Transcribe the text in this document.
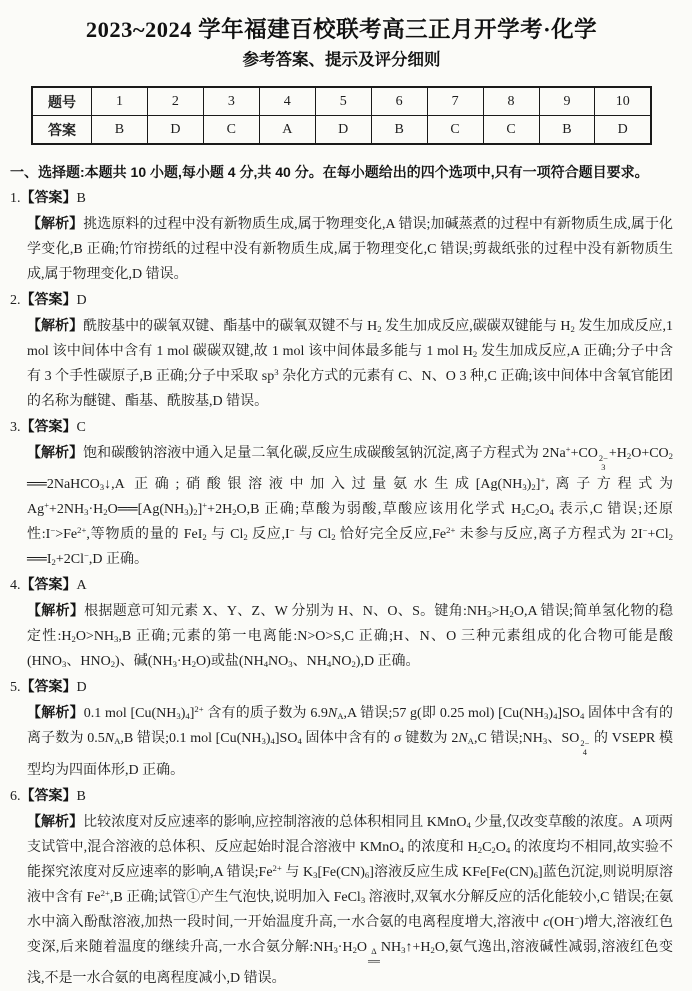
2023~2024 学年福建百校联考高三正月开学考·化学
参考答案、提示及评分细则
题号	1	2	3	4	5	6	7	8	9	10
答案	B	D	C	A	D	B	C	C	B	D
一、选择题:本题共 10 小题,每小题 4 分,共 40 分。在每小题给出的四个选项中,只有一项符合题目要求。
1.【答案】B
【解析】挑选原料的过程中没有新物质生成,属于物理变化,A 错误;加碱蒸煮的过程中有新物质生成,属于化学变化,B 正确;竹帘捞纸的过程中没有新物质生成,属于物理变化,C 错误;剪裁纸张的过程中没有新物质生成,属于物理变化,D 错误。
2.【答案】D
【解析】酰胺基中的碳氧双键、酯基中的碳氧双键不与 $H_2$ 发生加成反应,碳碳双键能与 $H_2$ 发生加成反应,1 mol 该中间体中含有 1 mol 碳碳双键,故 1 mol 该中间体最多能与 1 mol $H_2$ 发生加成反应,A 正确;分子中含有 3 个手性碳原子,B 正确;分子中采取 $sp^3$ 杂化方式的元素有 C、N、O 3 种,C 正确;该中间体中含氧官能团的名称为醚键、酯基、酰胺基,D 错误。
3.【答案】C
【解析】饱和碳酸钠溶液中通入足量二氧化碳,反应生成碳酸氢钠沉淀,离子方程式为 2Na++CO 2−
3
$+H_2O+CO_2$ ══2NaHCO$_3$↓,A 正确;硝酸银溶液中加入过量氨水生成$[Ag(NH_3)_2]^+$,离子方程式为 $Ag^++2NH_3\cdot H_2O══[Ag(NH_3)_2]^++2H_2O,B$ 正确;草酸为弱酸,草酸应该用化学式 $H_2C_2O_4$ 表示,C 错误;还原性$:I^->Fe^{2+}$,等物质的量的 FeI$_2$ 与 $Cl_2$ 反应,I− 与 $Cl_2$ 恰好完全反应$,Fe^{2+}$ 未参与反应,离子方程式为 $2I^-+Cl_2$ $══I_2+2Cl^-,D$ 正确。
4.【答案】A
【解析】根据题意可知元素 X、Y、Z、W 分别为 H、N、O、S。键角$:NH_3>H_2O,A$ 错误;简单氢化物的稳定性$:H_2O>NH_3,B$ 正确;元素的第一电离能:N>O>S,C 正确;H、N、O 三种元素组成的化合物可能是酸($HNO_3$、$HNO_2$)、碱$(NH_3\cdot H_2O)$或盐($NH_4NO_3$、$NH_4NO_2),D$ 正确。
5.【答案】D
【解析】0.1 mol $[Cu(NH_3)_4]^{2+}$ 含有的质子数为 $6.9N_A,A$ 错误;57 g(即 0.25 mol) $[Cu(NH_3)_4]SO_4$ 固体中含有的离子数为 $0.5N_A,B$ 错误;0.1 mol $[Cu(NH_3)_4]SO_4$ 固体中含有的 σ 键数为 $2N_A,C$ 错误$;NH_3$、SO 2−
4
的 VSEPR 模型均为四面体形,D 正确。
6.【答案】B
【解析】比较浓度对反应速率的影响,应控制溶液的总体积相同且 KMnO$_4$ 少量,仅改变草酸的浓度。A 项两支试管中,混合溶液的总体积、反应起始时混合溶液中 KMnO$_4$ 的浓度和 $H_2C_2O_4$ 的浓度均不相同,故实验不能探究浓度对反应速率的影响,A 错误$;Fe^{2+}$ 与 $K_3[Fe(CN)_6]$溶液反应生成 $KFe[Fe(CN)_6]$蓝色沉淀,则说明原溶液中含有 $Fe^{2+},B$ 正确;试管①产生气泡快,说明加入 FeCl$_3$ 溶液时,双氧水分解反应的活化能较小,C 错误;在氨水中滴入酚酞溶液,加热一段时间,一开始温度升高,一水合氨的电离程度增大,溶液中 c(OH−)增大,溶液红色变深,后来随着温度的继续升高,一水合氨分解$:NH_3\cdot H_2O$ Δ
══
$NH_3↑+H_2O$,氨气逸出,溶液碱性减弱,溶液红色变浅,不是一水合氨的电离程度减小,D 错误。
